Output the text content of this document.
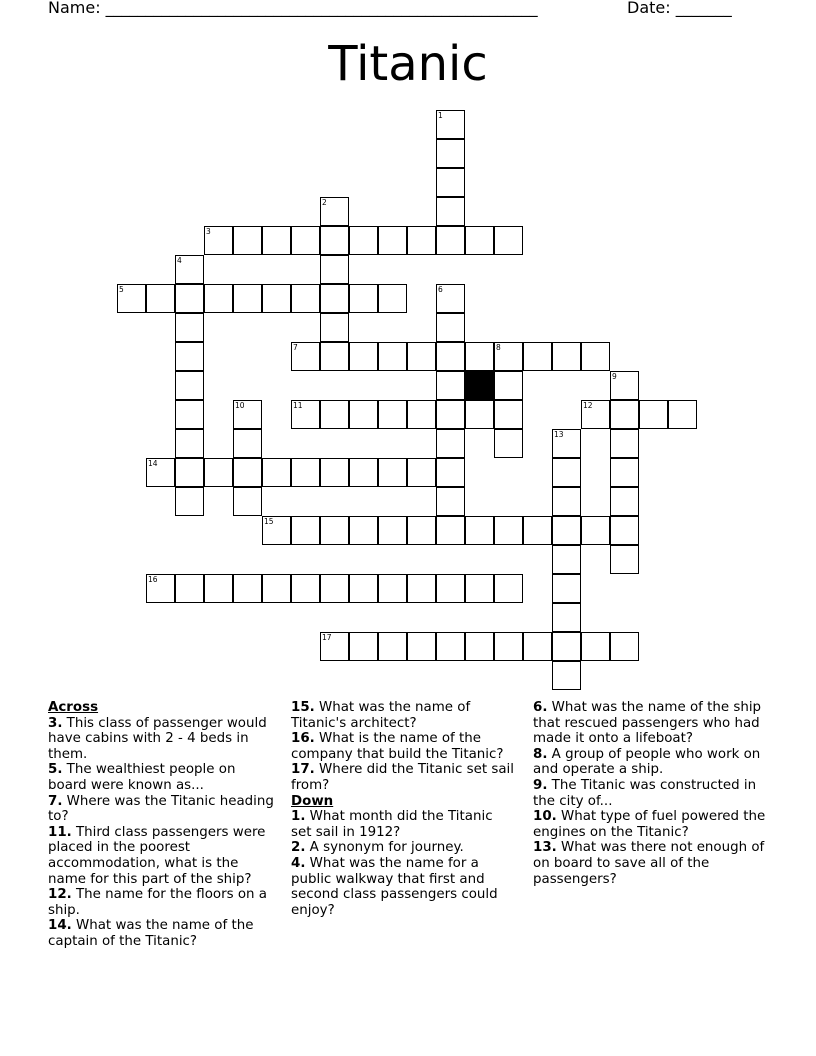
Name: ______________________________________________________	Date: _______
Titanic
1
2
3
4
5	6
7	8
9
10	11	12
13
14
15
16
17
Across
3. This class of passenger would have cabins with 2 - 4 beds in them.
5. The wealthiest people on board were known as...
7. Where was the Titanic heading to?
11. Third class passengers were placed in the poorest accommodation, what is the name for this part of the ship?
12. The name for the floors on a ship.
14. What was the name of the captain of the Titanic?
15. What was the name of Titanic's architect?
16. What is the name of the company that build the Titanic?
17. Where did the Titanic set sail from?
Down
1. What month did the Titanic set sail in 1912?
2. A synonym for journey.
4. What was the name for a public walkway that first and second class passengers could enjoy?
6. What was the name of the ship that rescued passengers who had made it onto a lifeboat?
8. A group of people who work on and operate a ship.
9. The Titanic was constructed in the city of...
10. What type of fuel powered the engines on the Titanic?
13. What was there not enough of on board to save all of the passengers?
